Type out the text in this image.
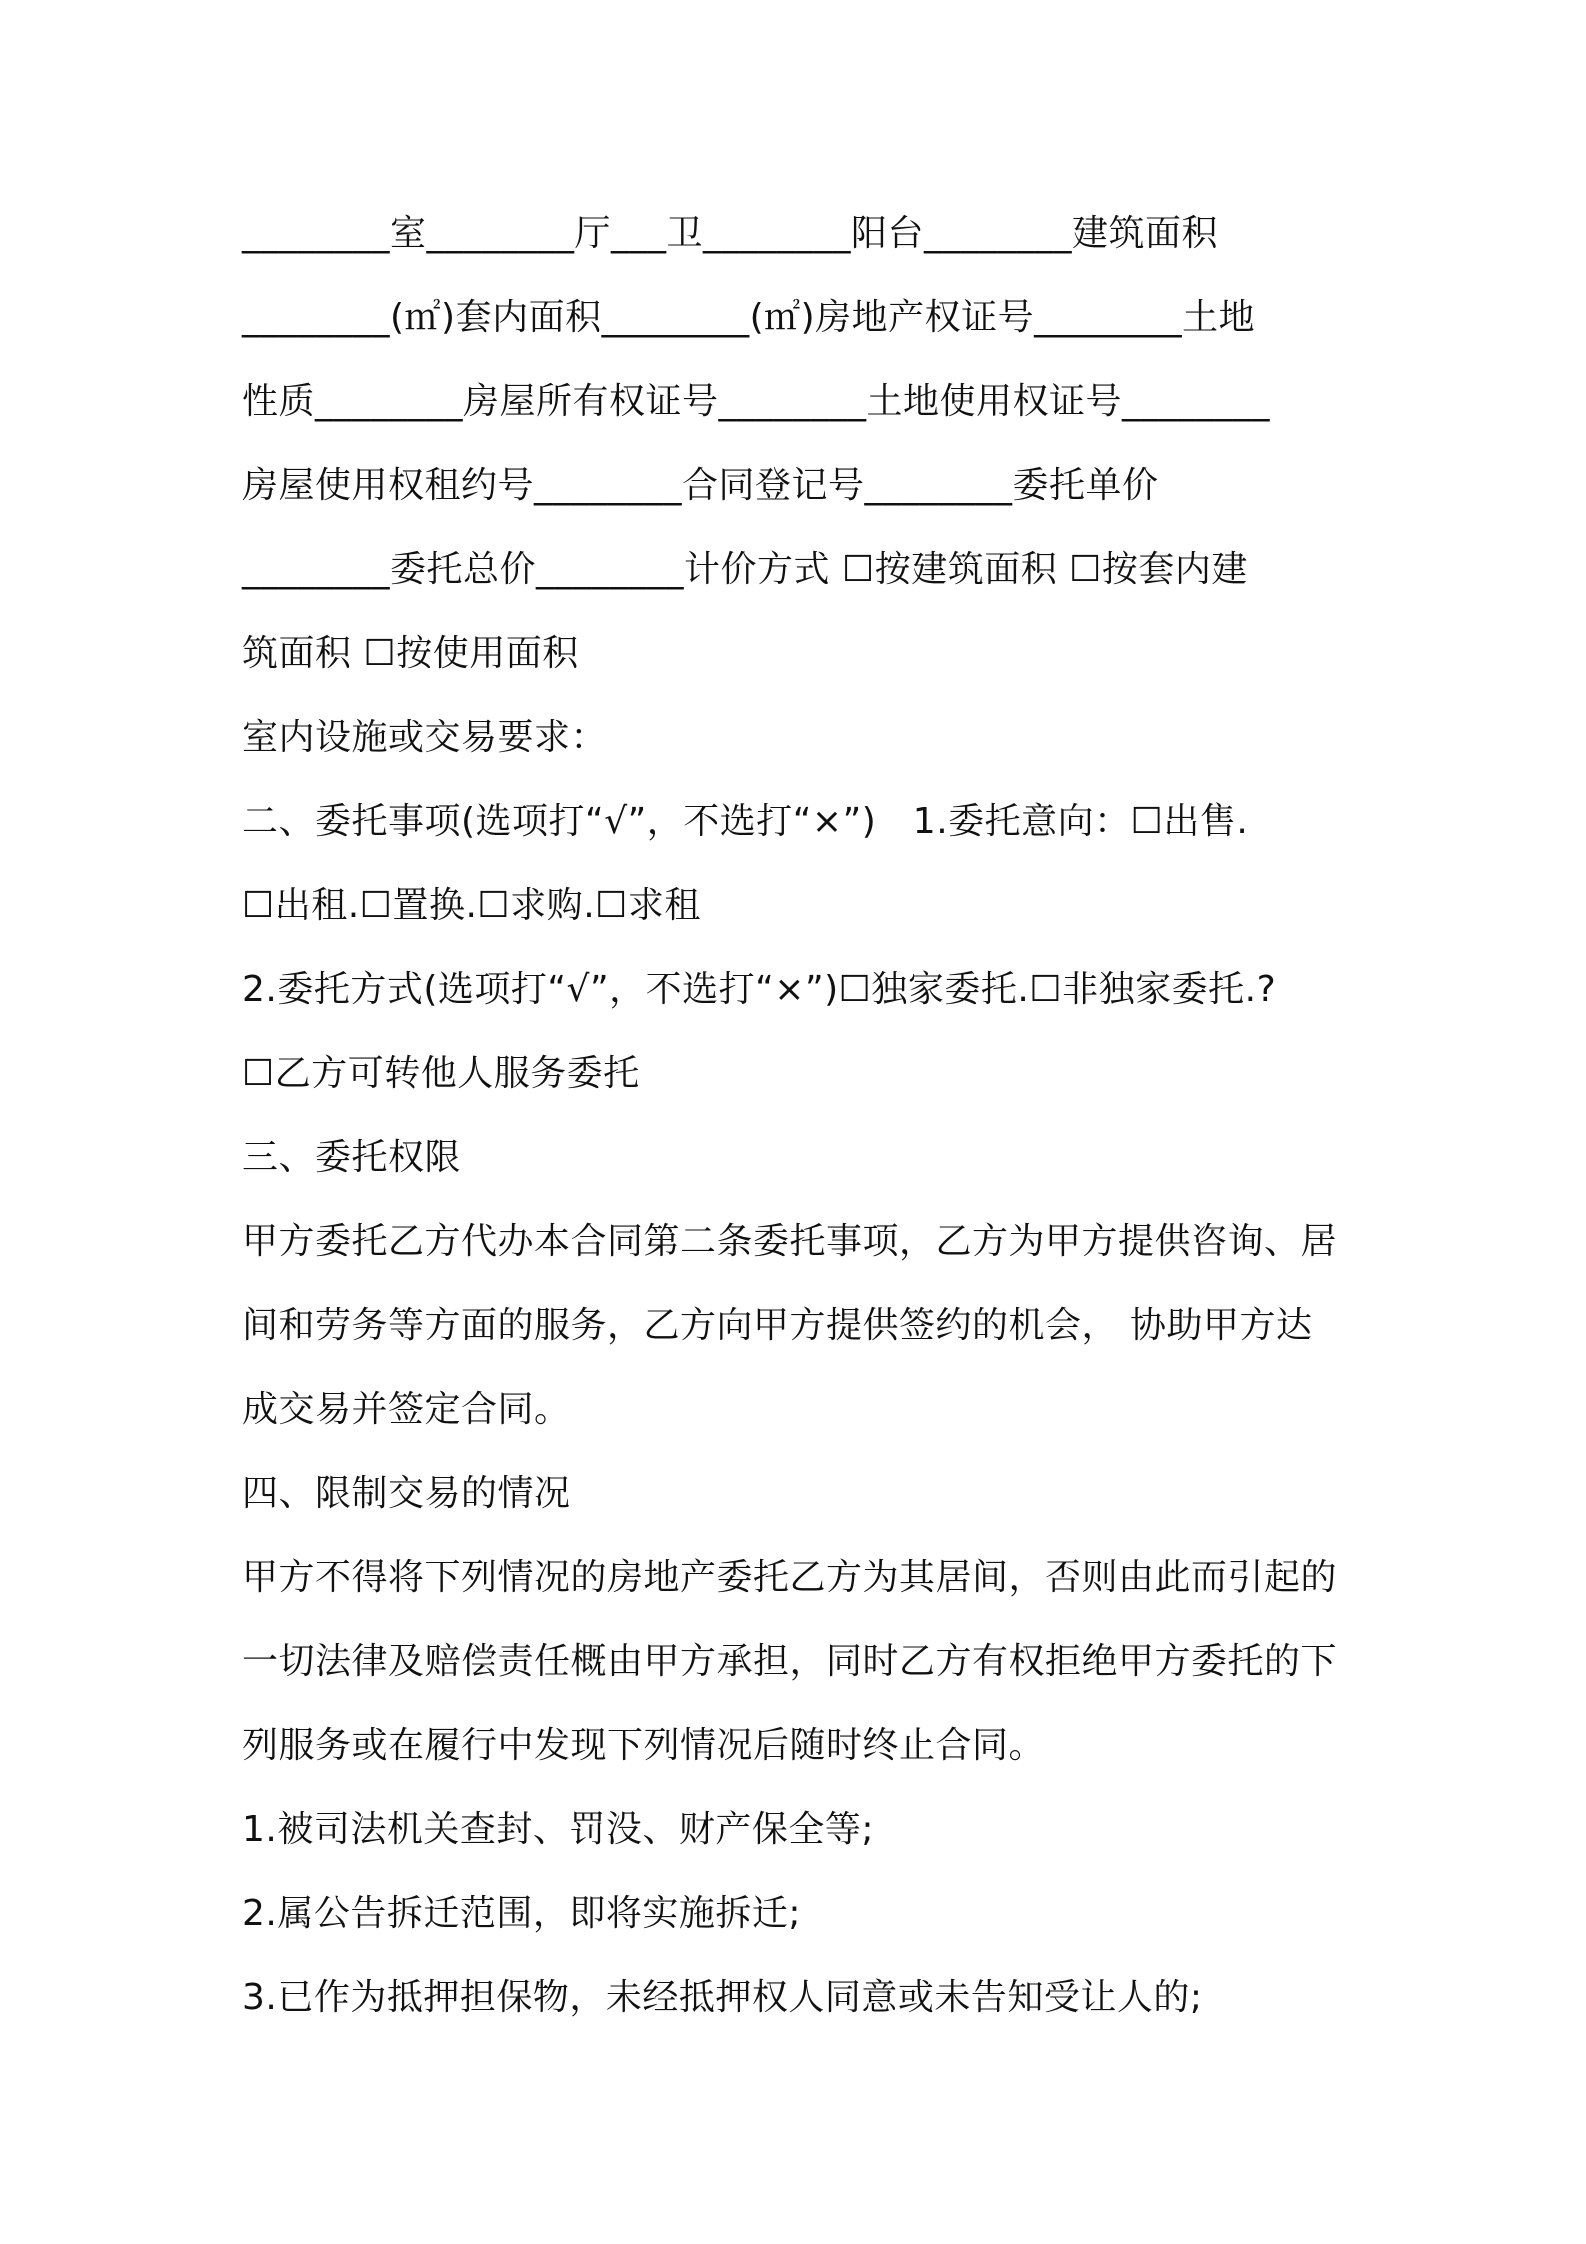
________室________厅___卫________阳台________建筑面积
________(㎡)套内面积________(㎡)房地产权证号________土地
性质________房屋所有权证号________土地使用权证号________
房屋使用权租约号________合同登记号________委托单价
________委托总价________计价方式 ☐按建筑面积 ☐按套内建
筑面积 ☐按使用面积
室内设施或交易要求：
二、委托事项(选项打“√”，不选打“×”)　1.委托意向：☐出售.
☐出租.☐置换.☐求购.☐求租
2.委托方式(选项打“√”，不选打“×”)☐独家委托.☐非独家委托.?
☐乙方可转他人服务委托
三、委托权限
甲方委托乙方代办本合同第二条委托事项，乙方为甲方提供咨询、居
间和劳务等方面的服务，乙方向甲方提供签约的机会， 协助甲方达
成交易并签定合同。
四、限制交易的情况
甲方不得将下列情况的房地产委托乙方为其居间，否则由此而引起的
一切法律及赔偿责任概由甲方承担，同时乙方有权拒绝甲方委托的下
列服务或在履行中发现下列情况后随时终止合同。
1.被司法机关查封、罚没、财产保全等;
2.属公告拆迁范围，即将实施拆迁;
3.已作为抵押担保物，未经抵押权人同意或未告知受让人的;
